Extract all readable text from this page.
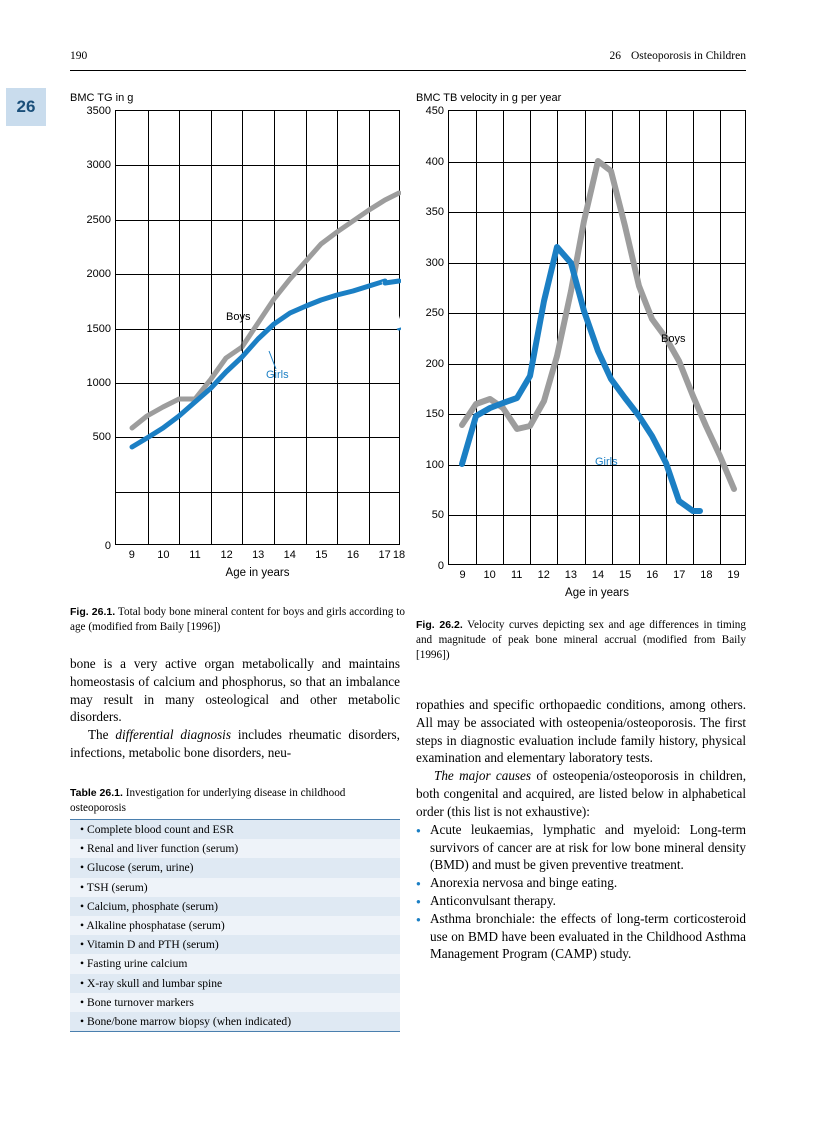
190	26 Osteoporosis in Children
26	BMC TG in g
3500
3000
2500
2000
1500
1000
500
0
9 10 11 12 13 14 15 16 17 18
Boys
Girls
Age in years
Fig. 26.1. Total body bone mineral content for boys and girls according to age (modified from Baily [1996])
BMC TB velocity in g per year
450
400
350
300
250
200
150
100
50
0
9 10 11 12 13 14 15 16 17 18 19
Boys
Girls
Age in years
Fig. 26.2. Velocity curves depicting sex and age differences in timing and magnitude of peak bone mineral accrual (modified from Baily [1996])

bone is a very active organ metabolically and maintains homeostasis of calcium and phosphorus, so that an imbalance may result in many osteological and other metabolic disorders.

The differential diagnosis includes rheumatic disorders, infections, metabolic bone disorders, neu-

Table 26.1. Investigation for underlying disease in childhood osteoporosis
• Complete blood count and ESR
• Renal and liver function (serum)
• Glucose (serum, urine)
• TSH (serum)
• Calcium, phosphate (serum)
• Alkaline phosphatase (serum)
• Vitamin D and PTH (serum)
• Fasting urine calcium
• X-ray skull and lumbar spine
• Bone turnover markers
• Bone/bone marrow biopsy (when indicated)

ropathies and specific orthopaedic conditions, among others. All may be associated with osteopenia/osteoporosis. The first steps in diagnostic evaluation include family history, physical examination and elementary laboratory tests.

The major causes of osteopenia/osteoporosis in children, both congenital and acquired, are listed below in alphabetical order (this list is not exhaustive):

● Acute leukaemias, lymphatic and myeloid: Long-term survivors of cancer are at risk for low bone mineral density (BMD) and must be given preventive treatment.
● Anorexia nervosa and binge eating.
● Anticonvulsant therapy.
● Asthma bronchiale: the effects of long-term corticosteroid use on BMD have been evaluated in the Childhood Asthma Management Program (CAMP) study.
